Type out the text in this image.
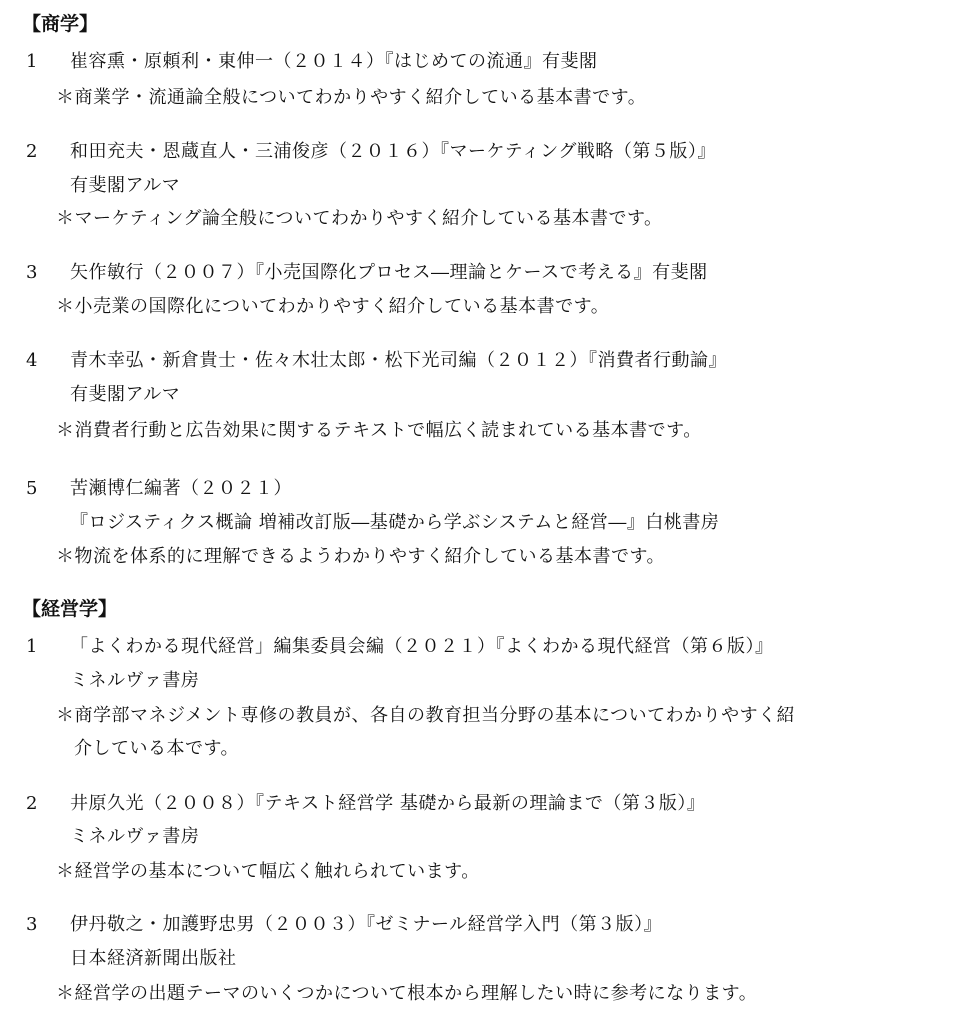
【商学】
1 崔容熏・原頼利・東伸一（２０１４）『はじめての流通』有斐閣
＊商業学・流通論全般についてわかりやすく紹介している基本書です。
2 和田充夫・恩蔵直人・三浦俊彦（２０１６）『マーケティング戦略（第５版）』
有斐閣アルマ
＊マーケティング論全般についてわかりやすく紹介している基本書です。
3 矢作敏行（２００７）『小売国際化プロセス―理論とケースで考える』有斐閣
＊小売業の国際化についてわかりやすく紹介している基本書です。
4 青木幸弘・新倉貴士・佐々木壮太郎・松下光司編（２０１２）『消費者行動論』
有斐閣アルマ
＊消費者行動と広告効果に関するテキストで幅広く読まれている基本書です。
5 苦瀬博仁編著（２０２１）
『ロジスティクス概論 増補改訂版―基礎から学ぶシステムと経営―』白桃書房
＊物流を体系的に理解できるようわかりやすく紹介している基本書です。
【経営学】
1 「よくわかる現代経営」編集委員会編（２０２１）『よくわかる現代経営（第６版）』
ミネルヴァ書房
＊商学部マネジメント専修の教員が、各自の教育担当分野の基本についてわかりやすく紹
介している本です。
2 井原久光（２００８）『テキスト経営学 基礎から最新の理論まで（第３版）』
ミネルヴァ書房
＊経営学の基本について幅広く触れられています。
3 伊丹敬之・加護野忠男（２００３）『ゼミナール経営学入門（第３版）』
日本経済新聞出版社
＊経営学の出題テーマのいくつかについて根本から理解したい時に参考になります。
